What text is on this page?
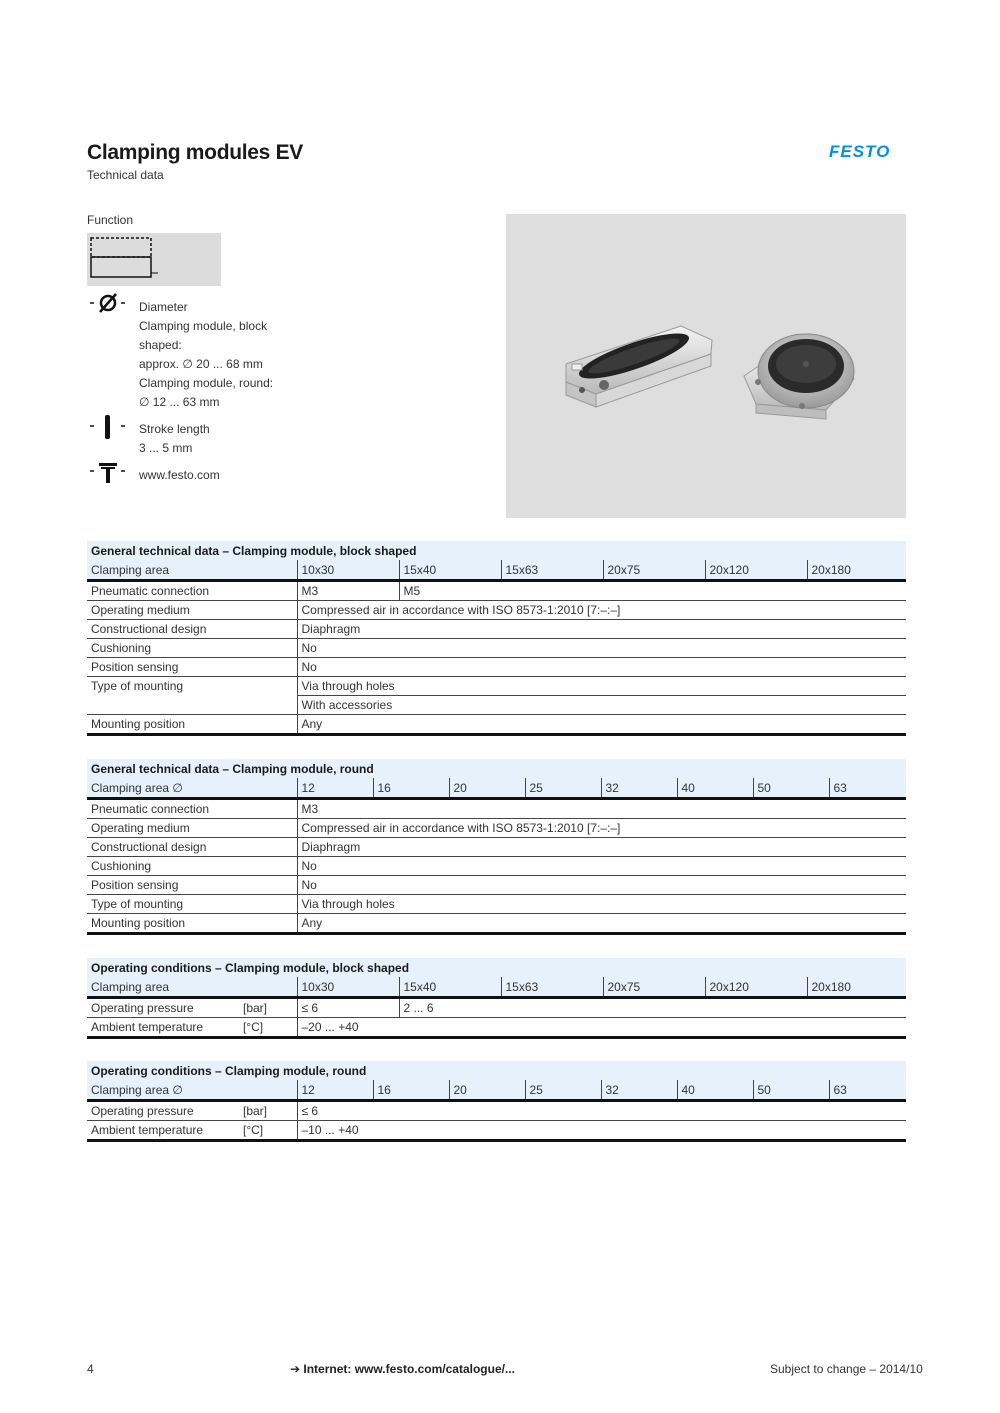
Clamping modules EV
Technical data
FESTO
Function
Diameter
Clamping module, block
shaped:
approx. ∅ 20 ... 68 mm
Clamping module, round:
∅ 12 ... 63 mm
Stroke length
3 ... 5 mm
www.festo.com
General technical data – Clamping module, block shaped						
Clamping area	10x30	15x40	15x63	20x75	20x120	20x180
Pneumatic connection	M3	M5				
Operating medium	Compressed air in accordance with ISO 8573-1:2010 [7:–:–]					
Constructional design	Diaphragm					
Cushioning	No					
Position sensing	No					
Type of mounting	Via through holes					
	With accessories					
Mounting position	Any					
General technical data – Clamping module, round								
Clamping area ∅	12	16	20	25	32	40	50	63
Pneumatic connection	M3							
Operating medium	Compressed air in accordance with ISO 8573-1:2010 [7:–:–]							
Constructional design	Diaphragm							
Cushioning	No							
Position sensing	No							
Type of mounting	Via through holes							
Mounting position	Any							
Operating conditions – Clamping module, block shaped							
Clamping area		10x30	15x40	15x63	20x75	20x120	20x180
Operating pressure	[bar]	≤ 6	2 ... 6				
Ambient temperature	[°C]	–20 ... +40					
Operating conditions – Clamping module, round									
Clamping area ∅		12	16	20	25	32	40	50	63
Operating pressure	[bar]	≤ 6							
Ambient temperature	[°C]	–10 ... +40							
4	➔ Internet: www.festo.com/catalogue/...	Subject to change – 2014/10
